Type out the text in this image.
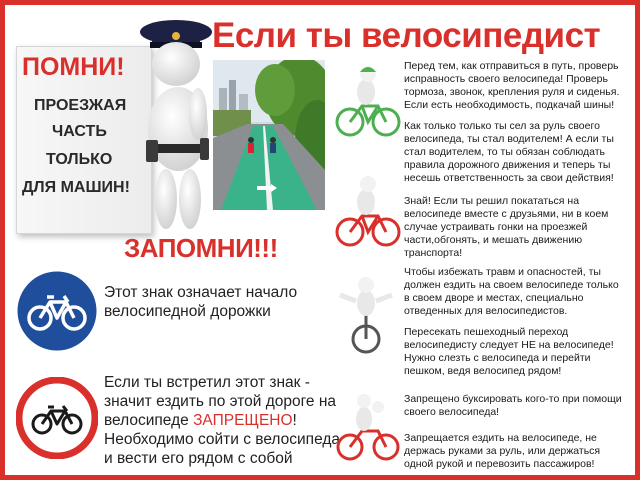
Если ты велосипедист
ПОМНИ!
ПРОЕЗЖАЯ
ЧАСТЬ
ТОЛЬКО
ДЛЯ МАШИН!
ЗАПОМНИ!!!
Этот знак означает начало велосипедной дорожки
Если ты встретил этот знак - значит ездить по этой дороге на велосипеде ЗАПРЕЩЕНО! Необходимо сойти с велосипеда и вести его рядом с собой
Перед тем, как отправиться в путь, проверь исправность своего велосипеда! Проверь тормоза, звонок, крепления руля и сиденья. Если есть необходимость, подкачай шины!
Как только только ты сел за руль своего велосипеда, ты стал водителем! А если ты стал водителем, то ты обязан соблюдать правила дорожного движения и теперь ты несешь ответственность за свои действия!
Знай! Если ты решил покататься на велосипеде вместе с друзьями, ни в коем случае устраивать гонки на проезжей части,обгонять, и мешать движению транспорта!
Чтобы избежать травм и опасностей, ты должен ездить на своем велосипеде только в своем дворе и местах, специально отведенных для велосипедистов.
Пересекать пешеходный переход велосипедисту следует НЕ на велосипеде! Нужно слезть с велосипеда и перейти пешком, ведя велосипед рядом!
Запрещено буксировать кого-то при помощи своего велосипеда!
Запрещается ездить на велосипеде, не держась руками за руль, или держаться одной рукой и перевозить пассажиров!
